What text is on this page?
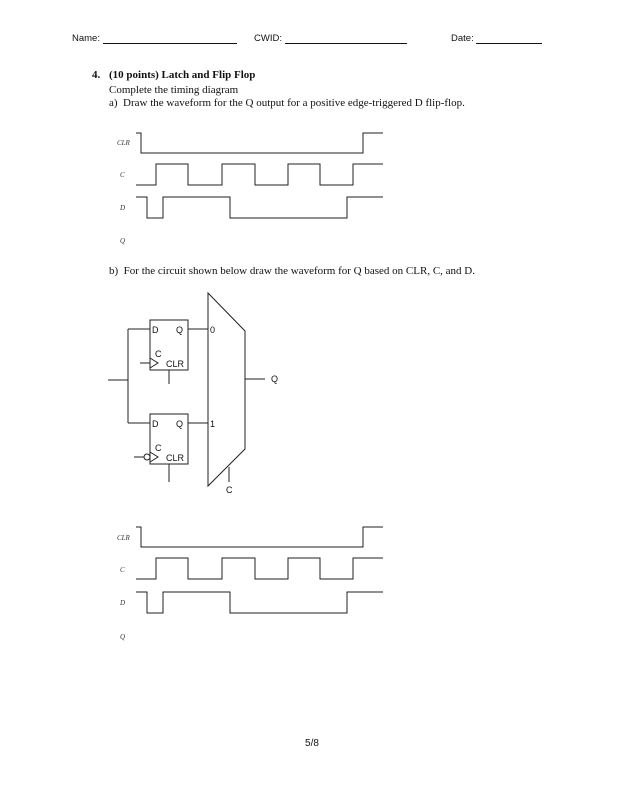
Name:	CWID:	Date:
4. (10 points) Latch and Flip Flop
Complete the timing diagram
a)  Draw the waveform for the Q output for a positive edge-triggered D flip-flop.
b)  For the circuit shown below draw the waveform for Q based on CLR, C, and D.
CLR
C
D
Q
D Q
C
CLR
D Q
C
CLR
0
1
C
Q
CLR
C
D
Q
5/8
